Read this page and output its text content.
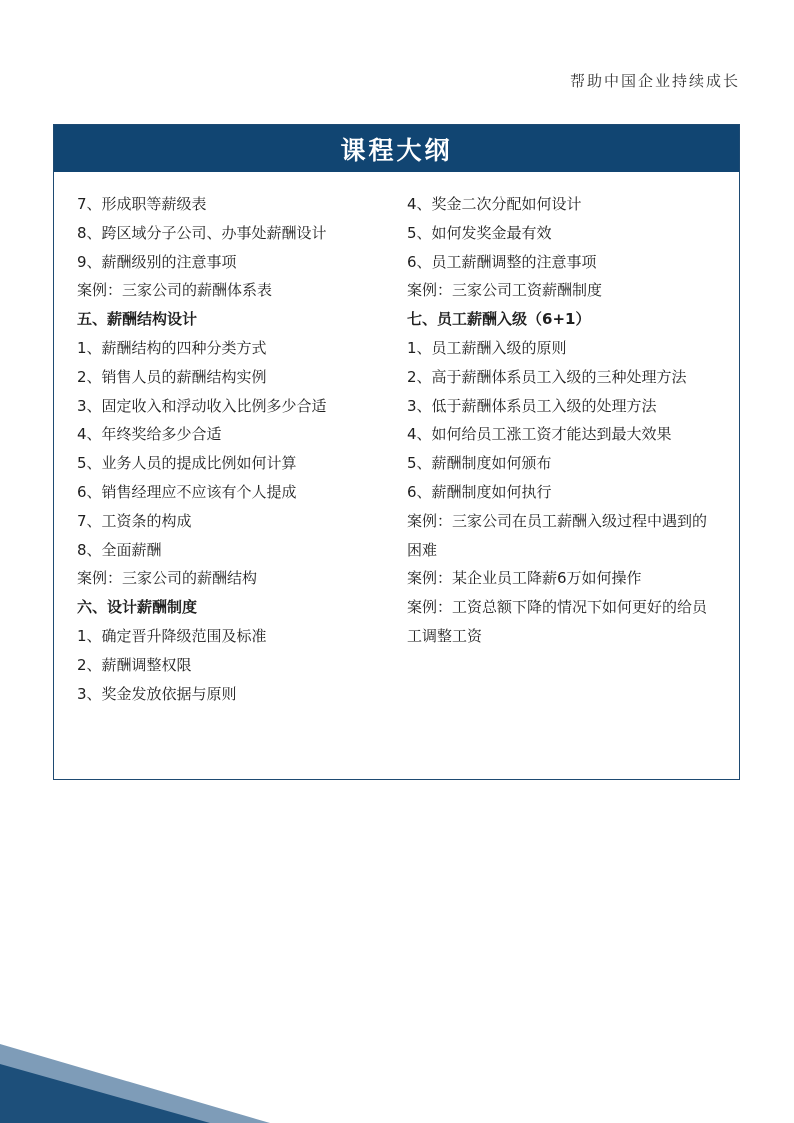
帮助中国企业持续成长
课程大纲
7、形成职等薪级表
8、跨区域分子公司、办事处薪酬设计
9、薪酬级别的注意事项
案例：三家公司的薪酬体系表
五、薪酬结构设计
1、薪酬结构的四种分类方式
2、销售人员的薪酬结构实例
3、固定收入和浮动收入比例多少合适
4、年终奖给多少合适
5、业务人员的提成比例如何计算
6、销售经理应不应该有个人提成
7、工资条的构成
8、全面薪酬
案例：三家公司的薪酬结构
六、设计薪酬制度
1、确定晋升降级范围及标准
2、薪酬调整权限
3、奖金发放依据与原则
4、奖金二次分配如何设计
5、如何发奖金最有效
6、员工薪酬调整的注意事项
案例：三家公司工资薪酬制度
七、员工薪酬入级（6+1）
1、员工薪酬入级的原则
2、高于薪酬体系员工入级的三种处理方法
3、低于薪酬体系员工入级的处理方法
4、如何给员工涨工资才能达到最大效果
5、薪酬制度如何颁布
6、薪酬制度如何执行
案例：三家公司在员工薪酬入级过程中遇到的困难
案例：某企业员工降薪6万如何操作
案例：工资总额下降的情况下如何更好的给员工调整工资
